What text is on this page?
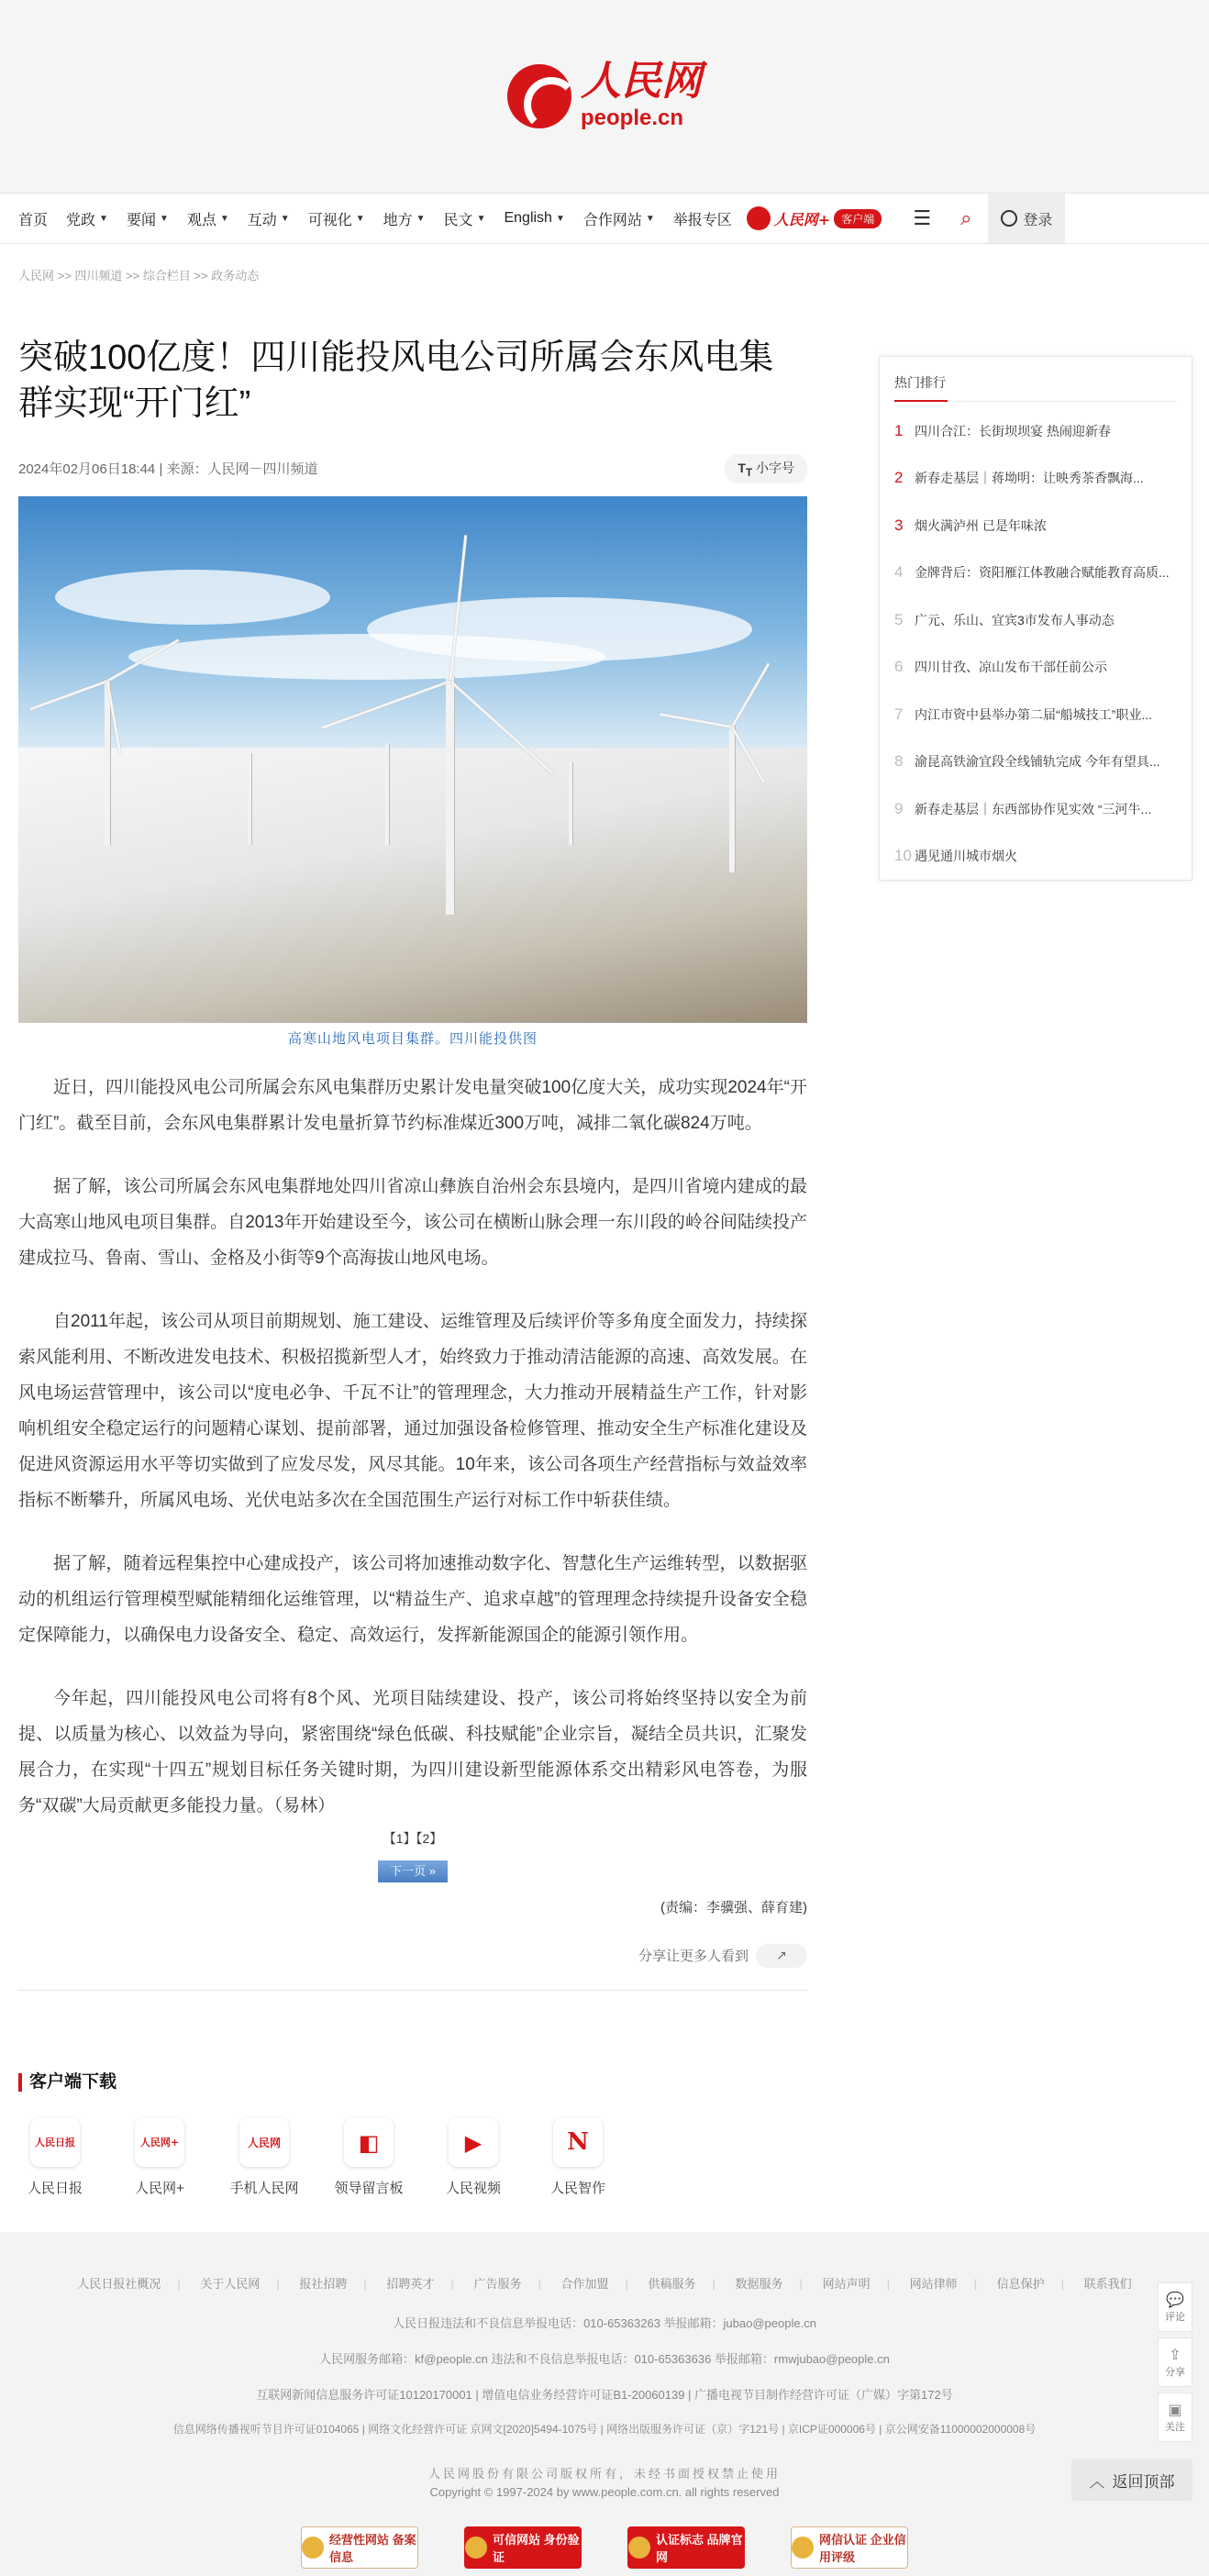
人民网
people.cn
首页 党政 ▼ 要闻 ▼ 观点 ▼ 互动 ▼ 可视化 ▼ 地方 ▼ 民文 ▼ English ▼ 合作网站 ▼ 举报专区	人民网+	客户端	☰	⌕	登录
人民网 >> 四川频道 >> 综合栏目 >> 政务动态
突破100亿度！四川能投风电公司所属会东风电集群实现“开门红”
2024年02月06日18:44 | 来源：人民网－四川频道	$T_T$ 小字号
高寒山地风电项目集群。四川能投供图

近日，四川能投风电公司所属会东风电集群历史累计发电量突破100亿度大关，成功实现2024年“开门红”。截至目前，会东风电集群累计发电量折算节约标准煤近300万吨，减排二氧化碳824万吨。

据了解，该公司所属会东风电集群地处四川省凉山彝族自治州会东县境内，是四川省境内建成的最大高寒山地风电项目集群。自2013年开始建设至今，该公司在横断山脉会理一东川段的岭谷间陆续投产建成拉马、鲁南、雪山、金格及小街等9个高海拔山地风电场。

自2011年起，该公司从项目前期规划、施工建设、运维管理及后续评价等多角度全面发力，持续探索风能利用、不断改进发电技术、积极招揽新型人才，始终致力于推动清洁能源的高速、高效发展。在风电场运营管理中，该公司以“度电必争、千瓦不让”的管理理念，大力推动开展精益生产工作，针对影响机组安全稳定运行的问题精心谋划、提前部署，通过加强设备检修管理、推动安全生产标准化建设及促进风资源运用水平等切实做到了应发尽发，风尽其能。10年来，该公司各项生产经营指标与效益效率指标不断攀升，所属风电场、光伏电站多次在全国范围生产运行对标工作中斩获佳绩。

据了解，随着远程集控中心建成投产，该公司将加速推动数字化、智慧化生产运维转型，以数据驱动的机组运行管理模型赋能精细化运维管理，以“精益生产、追求卓越”的管理理念持续提升设备安全稳定保障能力，以确保电力设备安全、稳定、高效运行，发挥新能源国企的能源引领作用。

今年起，四川能投风电公司将有8个风、光项目陆续建设、投产，该公司将始终坚持以安全为前提、以质量为核心、以效益为导向，紧密围绕“绿色低碳、科技赋能”企业宗旨，凝结全员共识，汇聚发展合力，在实现“十四五”规划目标任务关键时期，为四川建设新型能源体系交出精彩风电答卷，为服务“双碳”大局贡献更多能投力量。（易林）

【1】【2】
下一页 »
(责编：李骥强、薛育建)
分享让更多人看到 ↗
热门排行
1 四川合江：长街坝坝宴 热闹迎新春
2 新春走基层｜蒋坳明：让映秀茶香飘海...
3 烟火满泸州 已是年味浓
4 金牌背后：资阳雁江体教融合赋能教育高质...
5 广元、乐山、宜宾3市发布人事动态
6 四川甘孜、凉山发布干部任前公示
7 内江市资中县举办第二届“船城技工”职业...
8 渝昆高铁渝宜段全线铺轨完成 今年有望具...
9 新春走基层｜东西部协作见实效 “三河牛...
10 遇见通川城市烟火
客户端下载
人民日报
人民日报
人民网+
人民网+
人民网
手机人民网
◧
领导留言板
▶
人民视频
N
人民智作
人民日报社概况 | 关于人民网 | 报社招聘 | 招聘英才 | 广告服务 | 合作加盟 | 供稿服务 | 数据服务 | 网站声明 | 网站律师 | 信息保护 | 联系我们
人民日报违法和不良信息举报电话：010-65363263 举报邮箱：jubao@people.cn
人民网服务邮箱：kf@people.cn 违法和不良信息举报电话：010-65363636 举报邮箱：rmwjubao@people.cn
互联网新闻信息服务许可证10120170001 | 增值电信业务经营许可证B1-20060139 | 广播电视节目制作经营许可证（广媒）字第172号
信息网络传播视听节目许可证0104065 | 网络文化经营许可证 京网文[2020]5494-1075号 | 网络出版服务许可证（京）字121号 | 京ICP证000006号 | 京公网安备11000002000008号
人民网股份有限公司版权所有，未经书面授权禁止使用
Copyright © 1997-2024 by www.people.com.cn. all rights reserved
经营性网站 备案信息
可信网站 身份验证
认证标志 品牌官网
网信认证 企业信用评级
💬
评论
⇪
分享
▣
关注
︿ 返回顶部
